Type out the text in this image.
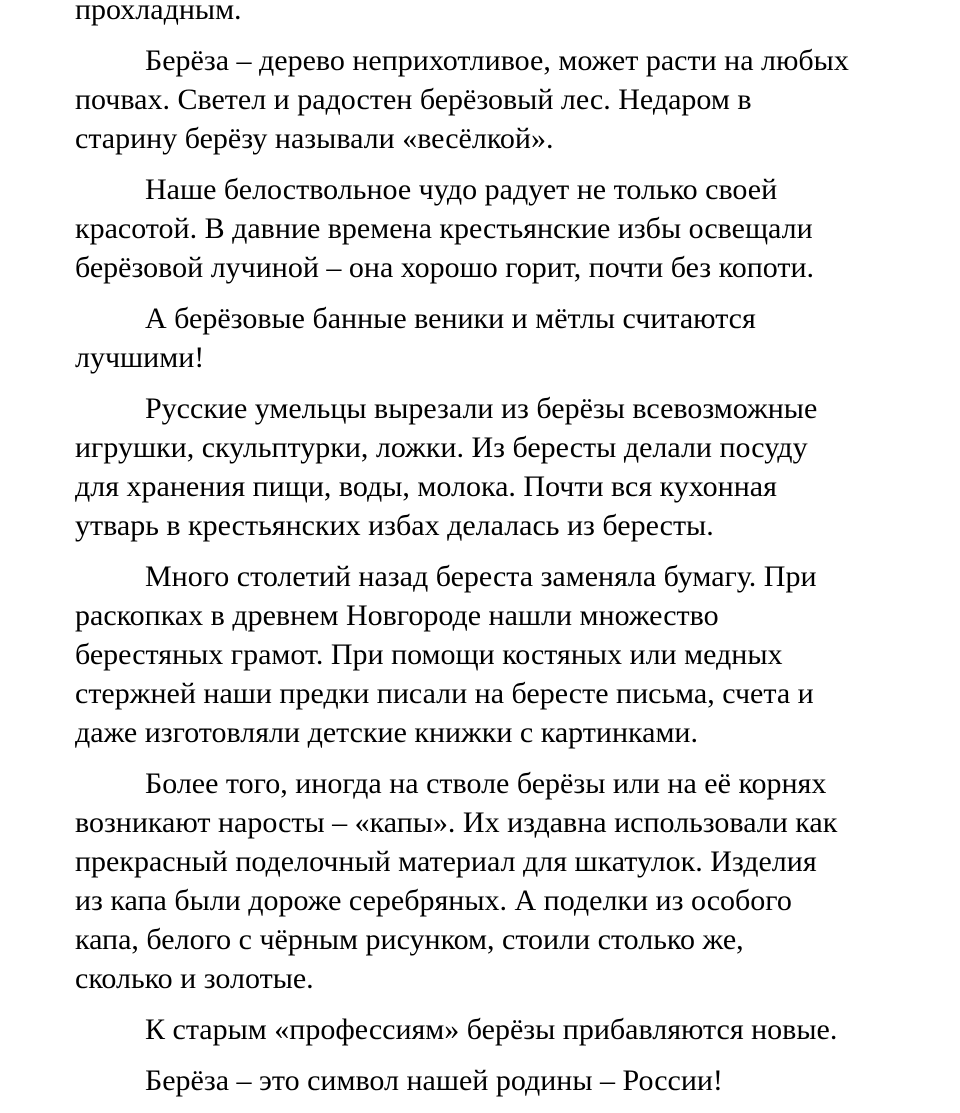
прохладным.

Берёза – дерево неприхотливое, может расти на любых
почвах. Светел и радостен берёзовый лес. Недаром в
старину берёзу называли «весёлкой».

Наше белоствольное чудо радует не только своей
красотой. В давние времена крестьянские избы освещали
берёзовой лучиной – она хорошо горит, почти без копоти.

А берёзовые банные веники и мётлы считаются
лучшими!

Русские умельцы вырезали из берёзы всевозможные
игрушки, скульптурки, ложки. Из бересты делали посуду
для хранения пищи, воды, молока. Почти вся кухонная
утварь в крестьянских избах делалась из бересты.

Много столетий назад береста заменяла бумагу. При
раскопках в древнем Новгороде нашли множество
берестяных грамот. При помощи костяных или медных
стержней наши предки писали на бересте письма, счета и
даже изготовляли детские книжки с картинками.

Более того, иногда на стволе берёзы или на её корнях
возникают наросты – «капы». Их издавна использовали как
прекрасный поделочный материал для шкатулок. Изделия
из капа были дороже серебряных. А поделки из особого
капа, белого с чёрным рисунком, стоили столько же,
сколько и золотые.

К старым «профессиям» берёзы прибавляются новые.

Берёза – это символ нашей родины – России!
